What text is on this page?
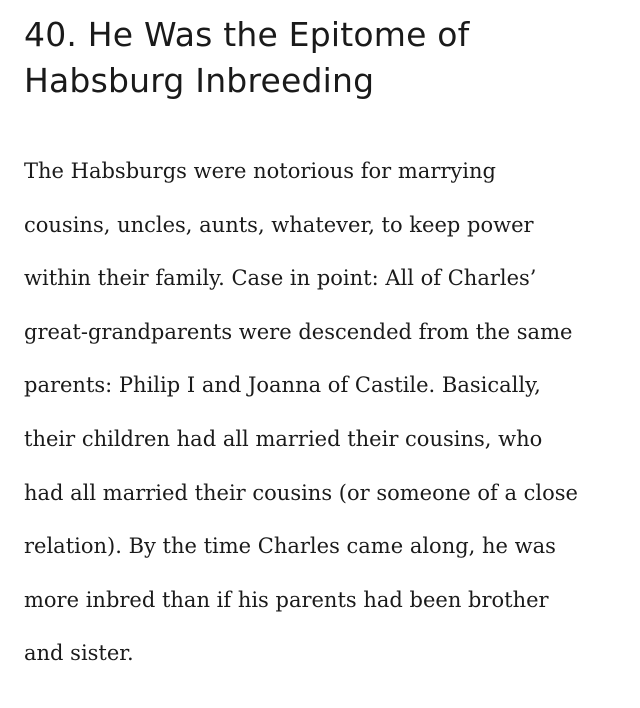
40. He Was the Epitome of
Habsburg Inbreeding

The Habsburgs were notorious for marrying
cousins, uncles, aunts, whatever, to keep power
within their family. Case in point: All of Charles’
great-grandparents were descended from the same
parents: Philip I and Joanna of Castile. Basically,
their children had all married their cousins, who
had all married their cousins (or someone of a close
relation). By the time Charles came along, he was
more inbred than if his parents had been brother
and sister.
